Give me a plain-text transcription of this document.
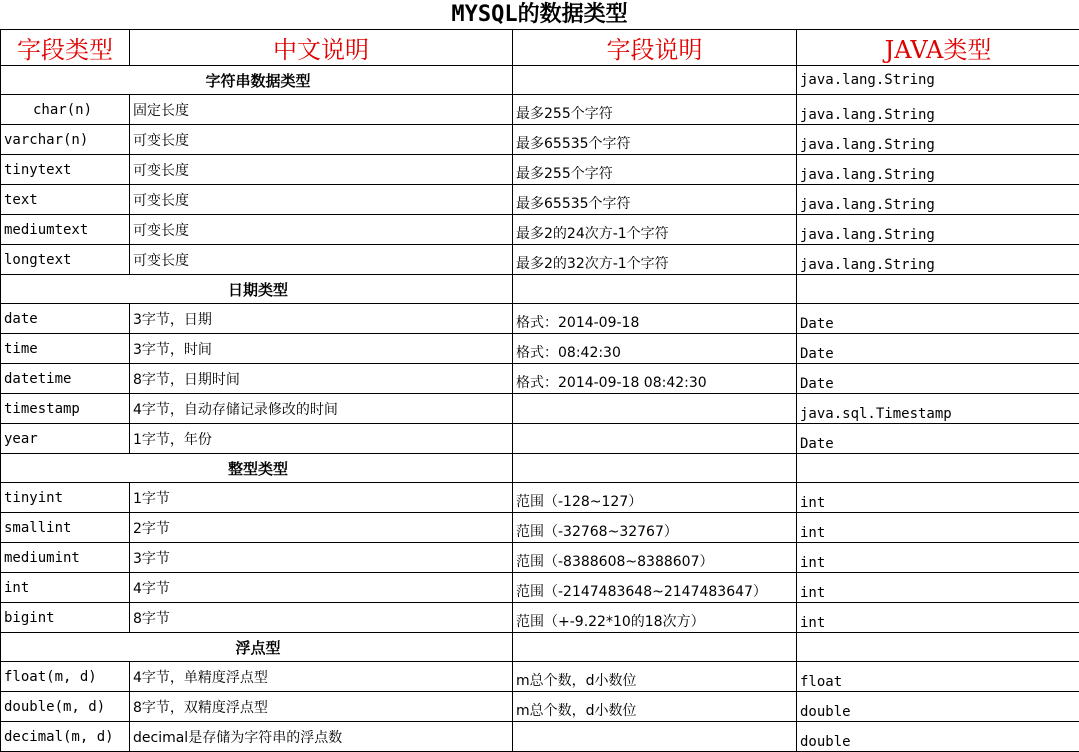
MYSQL的数据类型
字段类型	中文说明	字段说明	JAVA类型
字符串数据类型			java.lang.String
char(n)	固定长度	最多255个字符	java.lang.String
varchar(n)	可变长度	最多65535个字符	java.lang.String
tinytext	可变长度	最多255个字符	java.lang.String
text	可变长度	最多65535个字符	java.lang.String
mediumtext	可变长度	最多2的24次方-1个字符	java.lang.String
longtext	可变长度	最多2的32次方-1个字符	java.lang.String
日期类型			
date	3字节，日期	格式：2014-09-18	Date
time	3字节，时间	格式：08:42:30	Date
datetime	8字节，日期时间	格式：2014-09-18 08:42:30	Date
timestamp	4字节，自动存储记录修改的时间		java.sql.Timestamp
year	1字节，年份		Date
整型类型			
tinyint	1字节	范围（-128~127）	int
smallint	2字节	范围（-32768~32767）	int
mediumint	3字节	范围（-8388608~8388607）	int
int	4字节	范围（-2147483648~2147483647）	int
bigint	8字节	范围（+-9.22*10的18次方）	int
浮点型			
float(m, d)	4字节，单精度浮点型	m总个数，d小数位	float
double(m, d)	8字节，双精度浮点型	m总个数，d小数位	double
decimal(m, d)	decimal是存储为字符串的浮点数		double
